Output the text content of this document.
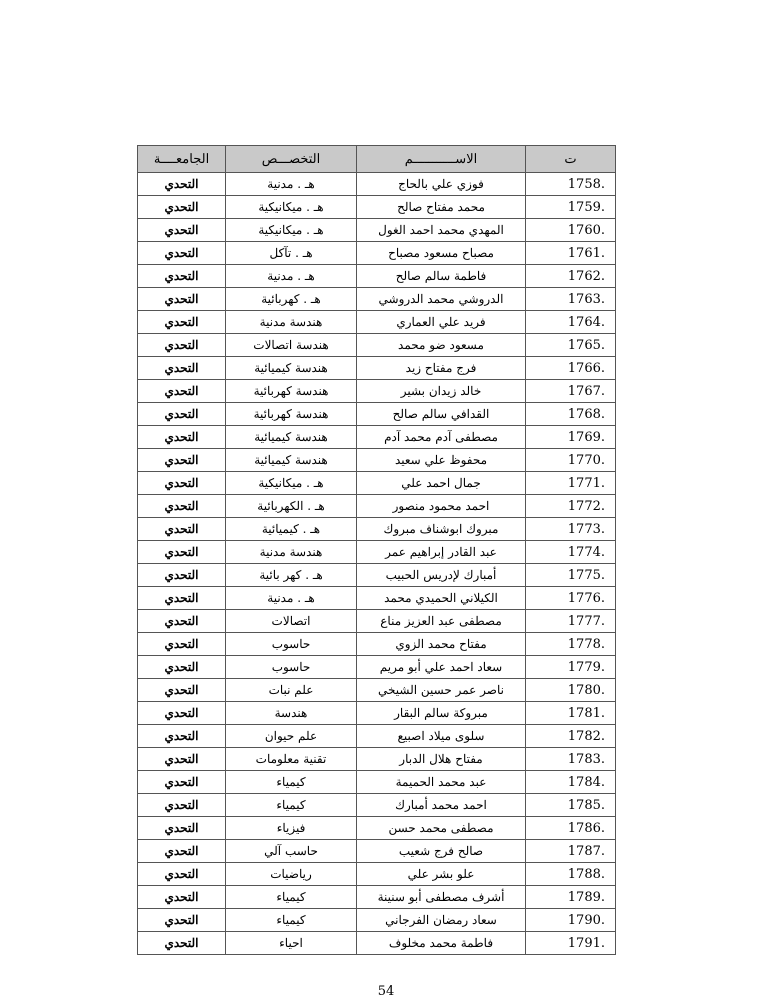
ت	الاســـــــــــم	التخصـــص	الجامعــــة
1758.	فوزي علي بالحاج	هـ . مدنية	التحدي
1759.	محمد مفتاح صالح	هـ . ميكانيكية	التحدي
1760.	المهدي محمد احمد الغول	هـ . ميكانيكية	التحدي
1761.	مصباح مسعود مصباح	هـ . تآكل	التحدي
1762.	فاطمة سالم صالح	هـ . مدنية	التحدي
1763.	الدروشي محمد الدروشي	هـ . كهربائية	التحدي
1764.	فريد علي العماري	هندسة مدنية	التحدي
1765.	مسعود ضو محمد	هندسة اتصالات	التحدي
1766.	فرج مفتاح زيد	هندسة كيميائية	التحدي
1767.	خالد زيدان بشير	هندسة كهربائية	التحدي
1768.	القدافي سالم صالح	هندسة كهربائية	التحدي
1769.	مصطفى آدم محمد آدم	هندسة كيميائية	التحدي
1770.	محفوظ علي سعيد	هندسة كيميائية	التحدي
1771.	جمال احمد علي	هـ . ميكانيكية	التحدي
1772.	احمد محمود منصور	هـ . الكهربائية	التحدي
1773.	مبروك ابوشناف مبروك	هـ . كيميائية	التحدي
1774.	عبد القادر إبراهيم عمر	هندسة مدنية	التحدي
1775.	أمبارك لإدريس الحبيب	هـ . كهر بائية	التحدي
1776.	الكيلاني الحميدي محمد	هـ . مدنية	التحدي
1777.	مصطفى عبد العزيز مناع	اتصالات	التحدي
1778.	مفتاح محمد الزوي	حاسوب	التحدي
1779.	سعاد احمد علي أبو مريم	حاسوب	التحدي
1780.	ناصر عمر حسين الشيخي	علم نبات	التحدي
1781.	مبروكة سالم البقار	هندسة	التحدي
1782.	سلوى ميلاد اصبيع	علم حيوان	التحدي
1783.	مفتاح هلال الدبار	تقنية معلومات	التحدي
1784.	عبد محمد الحميمة	كيمياء	التحدي
1785.	احمد محمد أمبارك	كيمياء	التحدي
1786.	مصطفى محمد حسن	فيزياء	التحدي
1787.	صالح فرج شعيب	حاسب آلي	التحدي
1788.	علو بشر علي	رياضيات	التحدي
1789.	أشرف مصطفى أبو سنينة	كيمياء	التحدي
1790.	سعاد رمضان الفرجاني	كيمياء	التحدي
1791.	فاطمة محمد مخلوف	احياء	التحدي
54
